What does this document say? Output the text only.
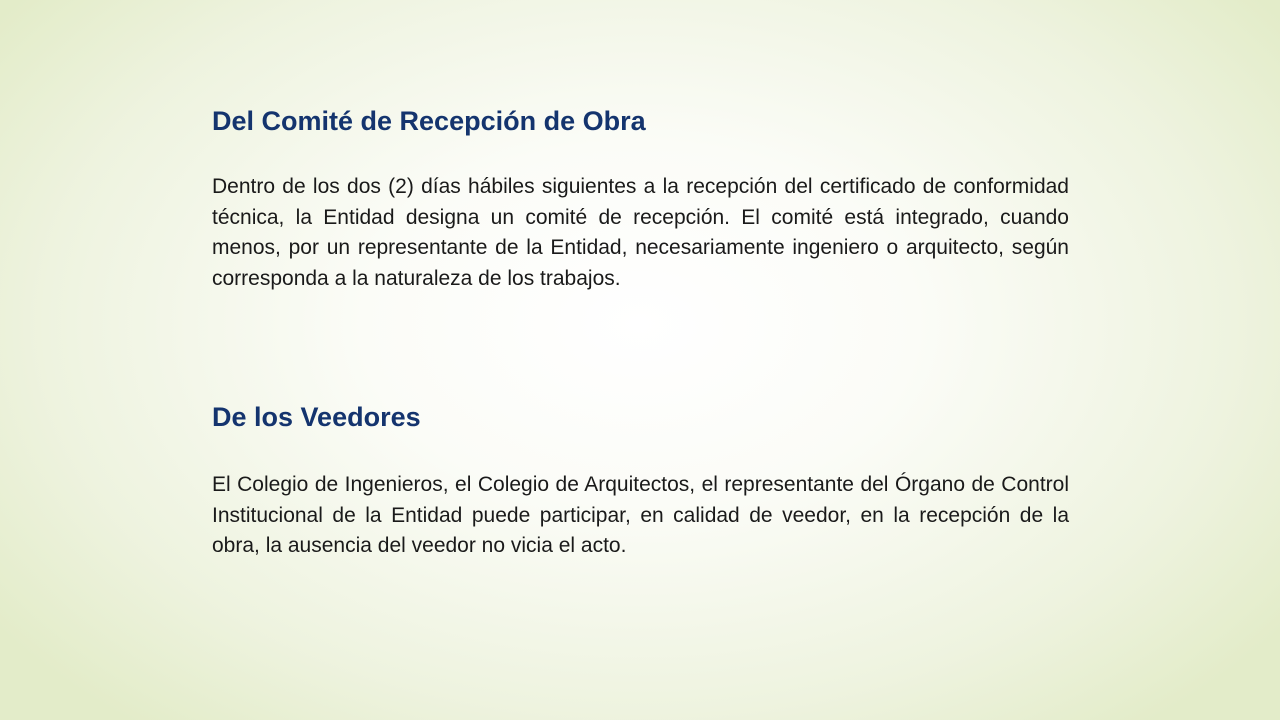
Del Comité de Recepción de Obra

Dentro de los dos (2) días hábiles siguientes a la recepción del certificado de conformidad técnica, la Entidad designa un comité de recepción. El comité está integrado, cuando menos, por un representante de la Entidad, necesariamente ingeniero o arquitecto, según corresponda a la naturaleza de los trabajos.

De los Veedores

El Colegio de Ingenieros, el Colegio de Arquitectos, el representante del Órgano de Control Institucional de la Entidad puede participar, en calidad de veedor, en la recepción de la obra, la ausencia del veedor no vicia el acto.
